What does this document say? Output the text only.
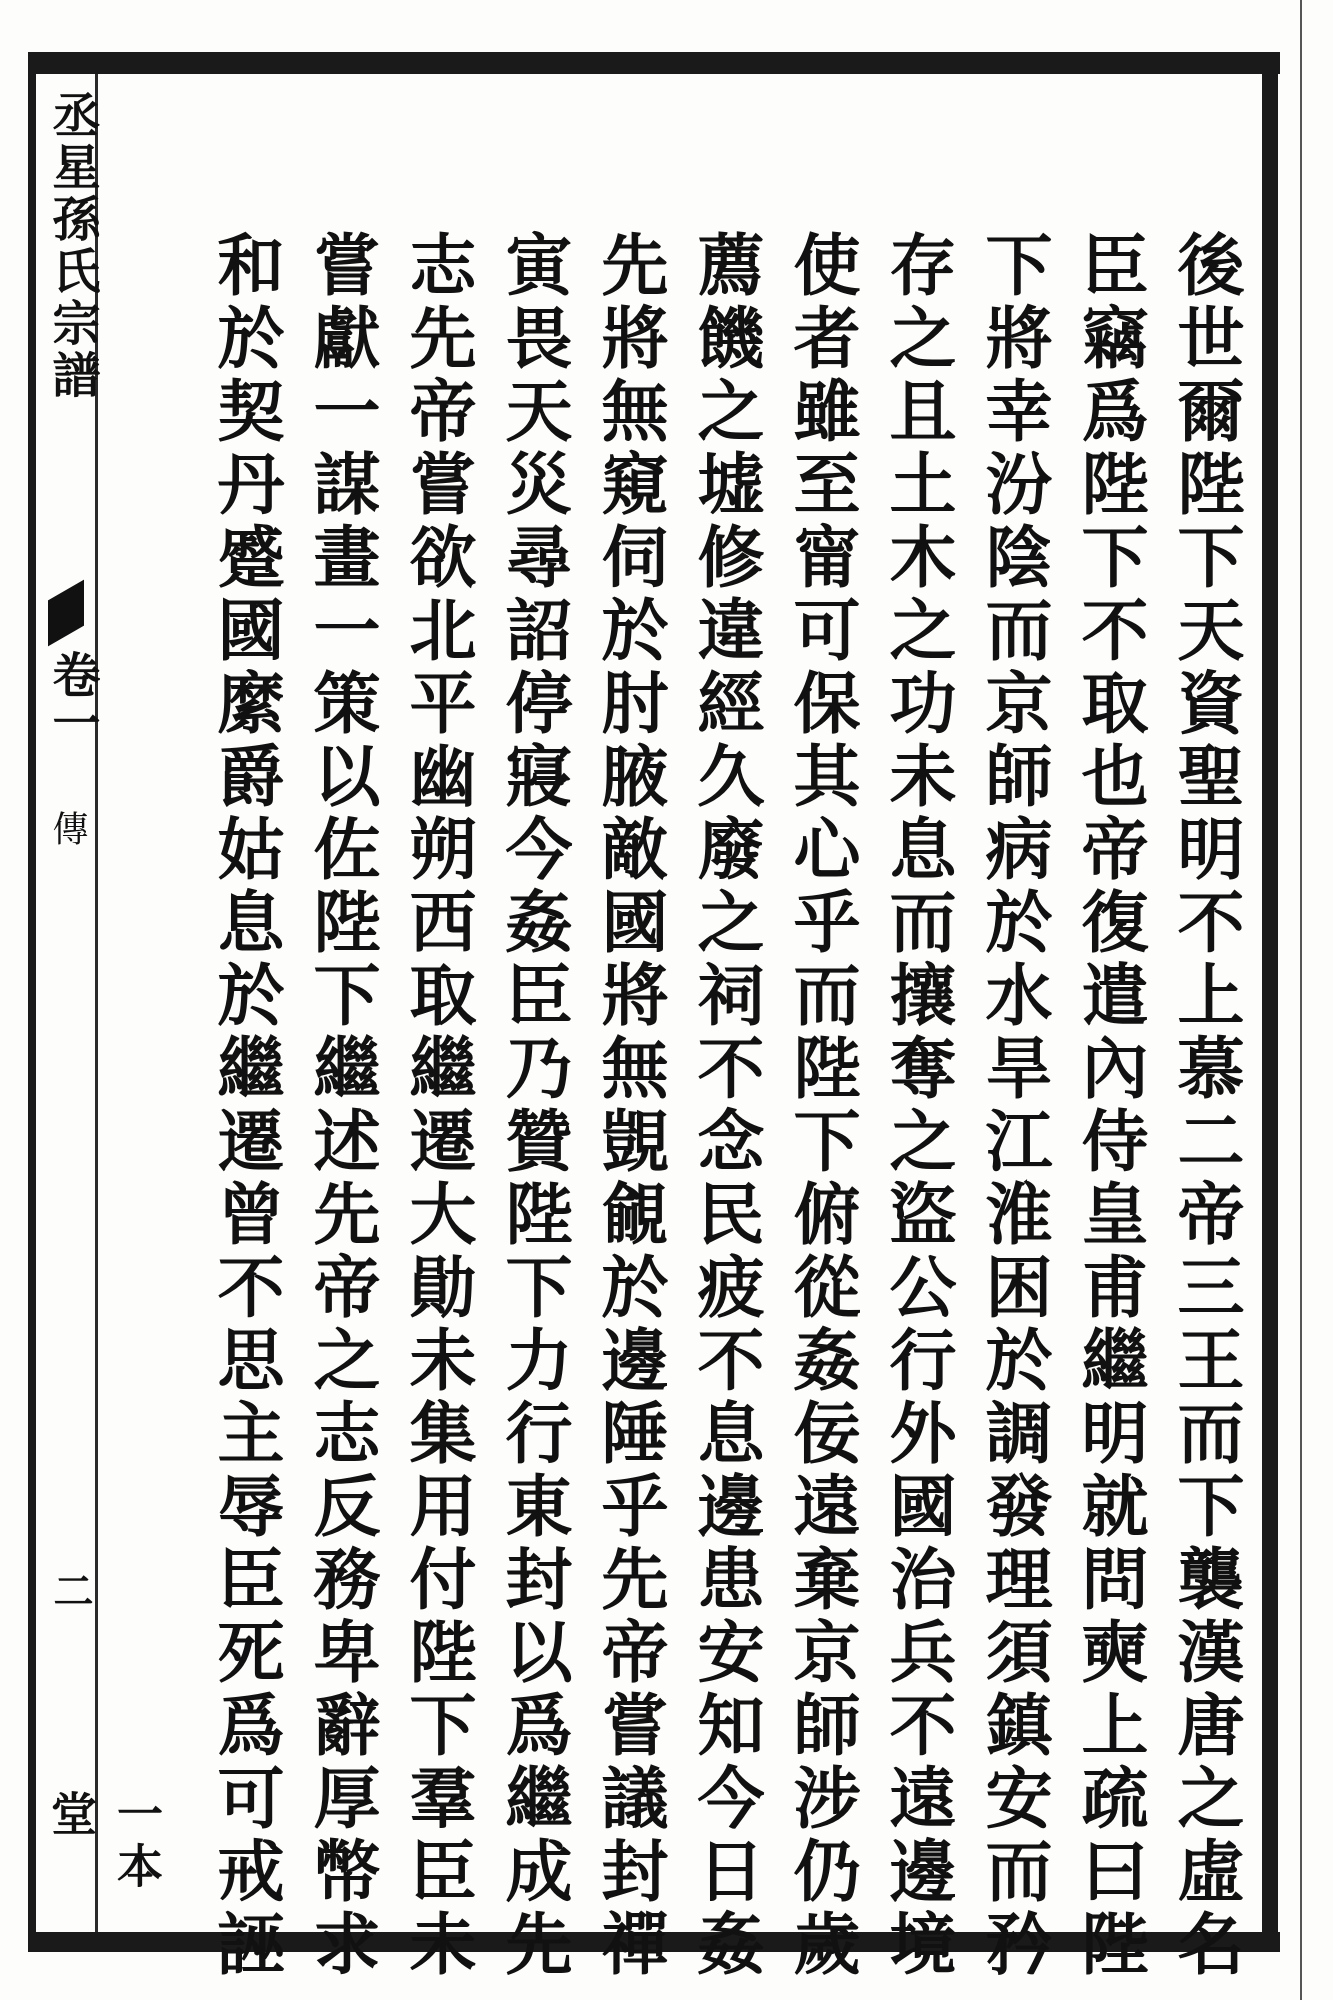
丞星孫氏宗譜
卷一
傳
二
一本堂	後世爾陛下天資聖明不上慕二帝三王而下襲漢唐之虛名
臣竊爲陛下不取也帝復遣內侍皇甫繼明就問奭上疏曰陛
下將幸汾陰而京師病於水旱江淮困於調發理須鎮安而矜
存之且土木之功未息而攘奪之盜公行外國治兵不遠邊境
使者雖至甯可保其心乎而陛下俯從姦佞遠棄京師涉仍歲
薦饑之墟修違經久廢之祠不念民疲不息邊患安知今日姦
先將無窺伺於肘腋敵國將無覬覦於邊陲乎先帝嘗議封禪
寅畏天災尋詔停寢今姦臣乃贊陛下力行東封以爲繼成先
志先帝嘗欲北平幽朔西取繼遷大勛未集用付陛下羣臣未
嘗獻一謀畫一策以佐陛下繼述先帝之志反務卑辭厚幣求
和於契丹蹙國縻爵姑息於繼遷曾不思主辱臣死爲可戒誣
